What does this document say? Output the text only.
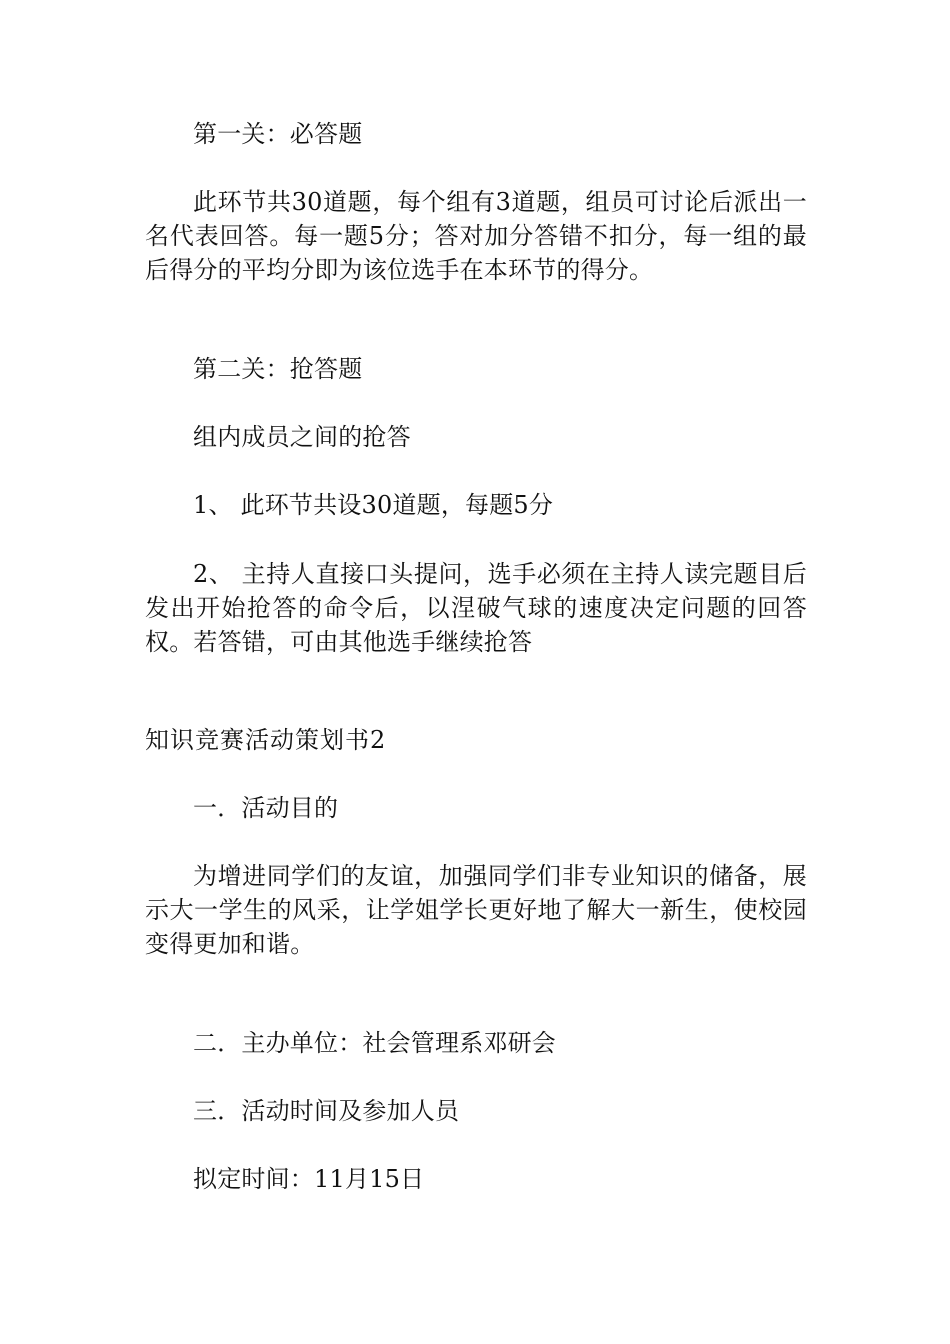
第一关：必答题

此环节共30道题，每个组有3道题，组员可讨论后派出一名代表回答。每一题5分；答对加分答错不扣分，每一组的最后得分的平均分即为该位选手在本环节的得分。

第二关：抢答题

组内成员之间的抢答

1、 此环节共设30道题，每题5分

2、 主持人直接口头提问，选手必须在主持人读完题目后发出开始抢答的命令后，以涅破气球的速度决定问题的回答权。若答错，可由其他选手继续抢答

知识竞赛活动策划书2

一．活动目的

为增进同学们的友谊，加强同学们非专业知识的储备，展示大一学生的风采，让学姐学长更好地了解大一新生，使校园变得更加和谐。

二．主办单位：社会管理系邓研会

三．活动时间及参加人员

拟定时间：11月15日
